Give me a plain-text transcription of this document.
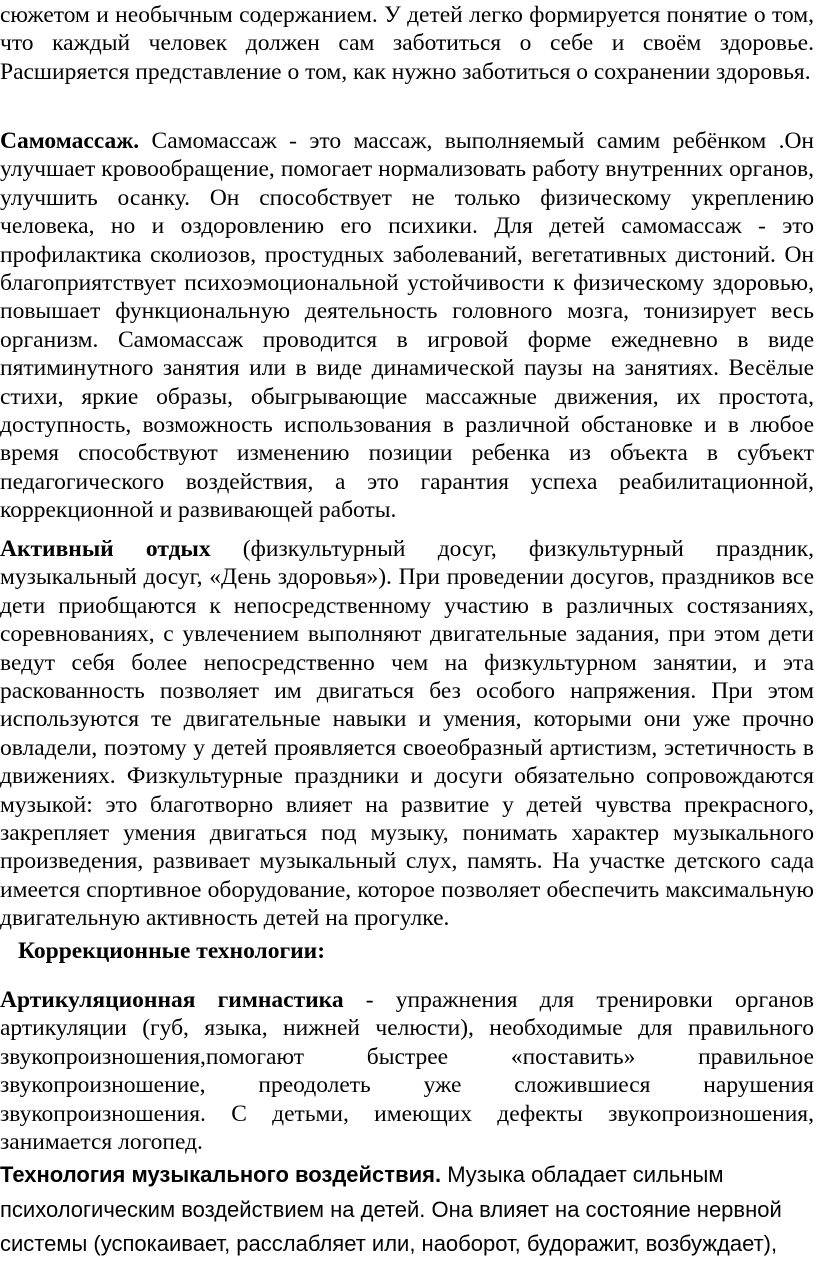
сюжетом и необычным содержанием. У детей легко формируется понятие о том, что каждый человек должен сам заботиться о себе и своём здоровье. Расширяется представление о том, как нужно заботиться о сохранении здоровья.

Самомассаж. Самомассаж - это массаж, выполняемый самим ребёнком .Он улучшает кровообращение, помогает нормализовать работу внутренних органов, улучшить осанку. Он способствует не только физическому укреплению человека, но и оздоровлению его психики. Для детей самомассаж - это профилактика сколиозов, простудных заболеваний, вегетативных дистоний. Он благоприятствует психоэмоциональной устойчивости к физическому здоровью, повышает функциональную деятельность головного мозга, тонизирует весь организм. Самомассаж проводится в игровой форме ежедневно в виде пятиминутного занятия или в виде динамической паузы на занятиях. Весёлые стихи, яркие образы, обыгрывающие массажные движения, их простота, доступность, возможность использования в различной обстановке и в любое время способствуют изменению позиции ребенка из объекта в субъект педагогического воздействия, а это гарантия успеха реабилитационной, коррекционной и развивающей работы.

Активный отдых (физкультурный досуг, физкультурный праздник, музыкальный досуг, «День здоровья»). При проведении досугов, праздников все дети приобщаются к непосредственному участию в различных состязаниях, соревнованиях, с увлечением выполняют двигательные задания, при этом дети ведут себя более непосредственно чем на физкультурном занятии, и эта раскованность позволяет им двигаться без особого напряжения. При этом используются те двигательные навыки и умения, которыми они уже прочно овладели, поэтому у детей проявляется своеобразный артистизм, эстетичность в движениях. Физкультурные праздники и досуги обязательно сопровождаются музыкой: это благотворно влияет на развитие у детей чувства прекрасного, закрепляет умения двигаться под музыку, понимать характер музыкального произведения, развивает музыкальный слух, память. На участке детского сада имеется спортивное оборудование, которое позволяет обеспечить максимальную двигательную активность детей на прогулке.

Коррекционные технологии:

Артикуляционная гимнастика - упражнения для тренировки органов артикуляции (губ, языка, нижней челюсти), необходимые для правильного звукопроизношения,помогают быстрее «поставить» правильное звукопроизношение, преодолеть уже сложившиеся нарушения звукопроизношения. С детьми, имеющих дефекты звукопроизношения, занимается логопед.

Технология музыкального воздействия. Музыка обладает сильным психологическим воздействием на детей. Она влияет на состояние нервной системы (успокаивает, расслабляет или, наоборот, будоражит, возбуждает),
